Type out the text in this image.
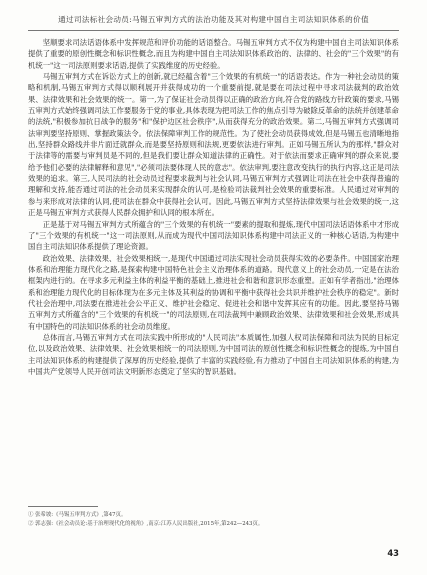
通过司法标社会动员:马锡五审判方式的法治功能及其对构建中国自主司法知识体系的价值

坚顺要求司法话语体系中发挥规范和评价功能的话语整合。马锡五审判方式不仅为构建中国自主司法知识体系提供了重要的原创性概念和标识性概念,而且为构建中国自主司法知识体系政治的、法律的、社会的"三个效果"的有机统一"这一司法原则要求话语,提供了实践维度的历史经验。

马锡五审判方式在诉讼方式上的创新,就已经蕴含着"三个效果的有机统一"的话语表达。作为一种社会动员的策略和机制,马锡五审判方式得以顺利展开并获得成功的一个重要前提,就是要在司法过程中寻求司法裁判的政治效果、法律效果和社会效果的统一。第一,为了保证社会动员得以正确的政治方向,符合党的路线方针政策的要求,马锡五审判方式始终强调司法工作要服务于党的事业,具体表现为把司法工作的焦点引导为破除反革命的法统并创建革命的法统,"积极参加抗日战争的服务"和"保护边区社会秩序",从而获得充分的政治效果。第二,马锡五审判方式强调司法审判要坚持原则、掌握政策法令。依法保障审判工作的规范性。为了使社会动员获得成效,但是马锡五也清晰地指出,坚持群众路线并非片面迁就群众,而是要坚持原则和法规,更要依法进行审判。正如马锡五所认为的那样,"群众对于法律等的需要与审判员是不同的,但是我们要让群众知道法律的正确性。对于依法而要求正确审判的群众来说,要给予他们必要的法律解释和意见","必须司法要体现人民的意志"。依法审判,要注意改变执行的执行内容,这正是司法效果的追求。第三,人民司法的社会动员过程要求裁判与社会认同,马锡五审判方式强调让司法在社会中获得普遍的理解和支持,能否通过司法的社会动员来实现群众的认可,是检验司法裁判社会效果的重要标准。人民通过对审判的参与来形成对法律的认同,使司法在群众中获得社会认可。因此,马锡五审判方式坚持法律效果与社会效果的统一,这正是马锡五审判方式获得人民群众拥护和认同的根本所在。

正是基于对马锡五审判方式所蕴含的"三个效果的有机统一"要素的提取和提炼,现代中国司法话语体系中才形成了"三个效果的有机统一"这一司法原则,从而成为现代中国司法知识体系构建中司法正义的一种核心话语,为构建中国自主司法知识体系提供了理论资源。

政治效果、法律效果、社会效果相统一,是现代中国通过司法实现社会动员获得实效的必要条件。中国国家治理体系和治理能力现代化之路,是探索构建中国特色社会主义治理体系的道路。现代意义上的社会动员,一定是在法治框架内进行的。在寻求多元利益主体的利益平衡的基础上,推进社会和谐和意识形态重塑。正如有学者指出,"治理体系和治理能力现代化的目标体现为在多元主体及其利益的协调和平衡中获得社会共识并维护社会秩序的稳定"。新时代社会治理中,司法要在推进社会公平正义、维护社会稳定、促进社会和谐中发挥其应有的功能。因此,要坚持马锡五审判方式所蕴含的"三个效果的有机统一"的司法原则,在司法裁判中兼顾政治效果、法律效果和社会效果,形成具有中国特色的司法知识体系的社会动员维度。

总体而言,马锡五审判方式在司法实践中所形成的"人民司法"本质属性,加强人权司法保障和司法为民的目标定位,以及政治效果、法律效果、社会效果相统一的司法原则,为中国司法的原创性概念和标识性概念的提炼,为中国自主司法知识体系的构建提供了深厚的历史经验,提供了丰富的实践经验,有力推动了中国自主司法知识体系的构建,为中国共产党领导人民开创司法文明新形态奠定了坚实的智识基础。

① 张希坡:《马锡五审判方式》,第47页。

② 郭志强:《社会动员论:基于治理现代化的视角》,南京:江苏人民出版社,2015年,第242—243页。

43
